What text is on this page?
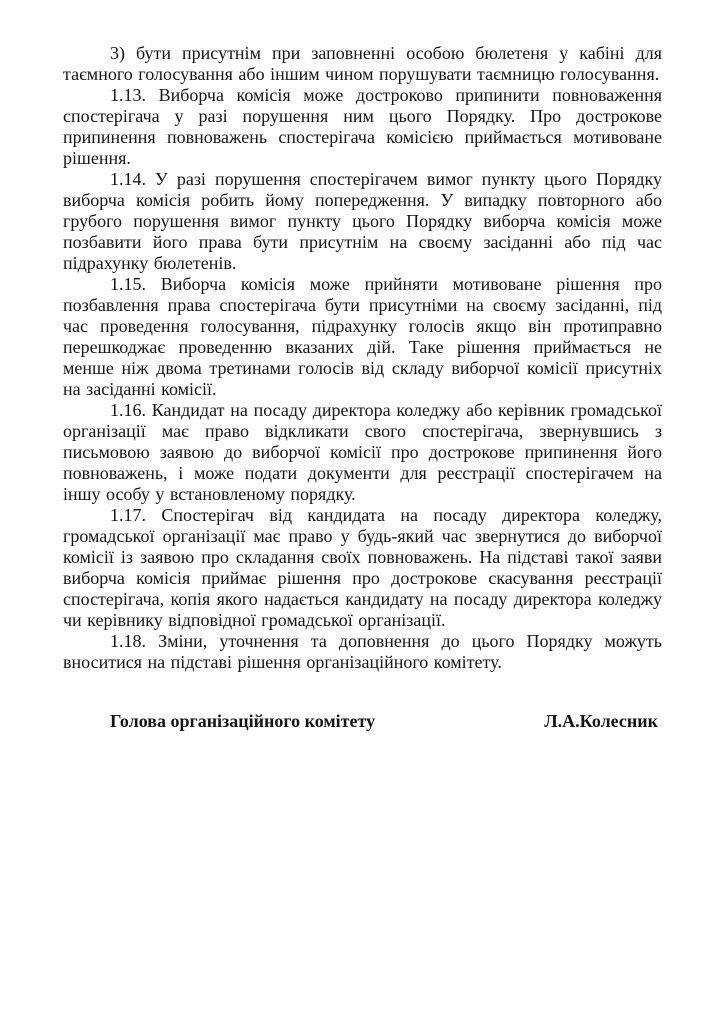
3) бути присутнім при заповненні особою бюлетеня у кабіні для таємного голосування або іншим чином порушувати таємницю голосування.

1.13. Виборча комісія може достроково припинити повноваження спостерігача у разі порушення ним цього Порядку. Про дострокове припинення повноважень спостерігача комісією приймається мотивоване рішення.

1.14. У разі порушення спостерігачем вимог пункту цього Порядку виборча комісія робить йому попередження. У випадку повторного або грубого порушення вимог пункту цього Порядку виборча комісія може позбавити його права бути присутнім на своєму засіданні або під час підрахунку бюлетенів.

1.15. Виборча комісія може прийняти мотивоване рішення про позбавлення права спостерігача бути присутніми на своєму засіданні, під час проведення голосування, підрахунку голосів якщо він протиправно перешкоджає проведенню вказаних дій. Таке рішення приймається не менше ніж двома третинами голосів від складу виборчої комісії присутніх на засіданні комісії.

1.16. Кандидат на посаду директора коледжу або керівник громадської організації має право відкликати свого спостерігача, звернувшись з письмовою заявою до виборчої комісії про дострокове припинення його повноважень, і може подати документи для реєстрації спостерігачем на іншу особу у встановленому порядку.

1.17. Спостерігач від кандидата на посаду директора коледжу, громадської організації має право у будь-який час звернутися до виборчої комісії із заявою про складання своїх повноважень. На підставі такої заяви виборча комісія приймає рішення про дострокове скасування реєстрації спостерігача, копія якого надається кандидату на посаду директора коледжу чи керівнику відповідної громадської організації.

1.18. Зміни, уточнення та доповнення до цього Порядку можуть вноситися на підставі рішення організаційного комітету.

Голова організаційного комітету	Л.А.Колесник
